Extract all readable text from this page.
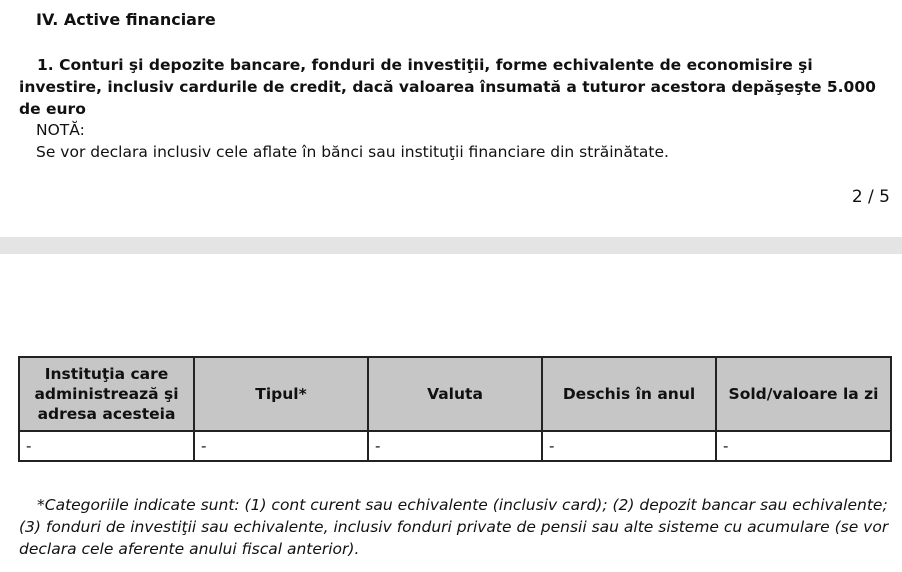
IV. Active financiare
1. Conturi şi depozite bancare, fonduri de investiţii, forme echivalente de economisire şi investire, inclusiv cardurile de credit, dacă valoarea însumată a tuturor acestora depăşeşte 5.000 de euro
NOTĂ:
Se vor declara inclusiv cele aflate în bănci sau instituţii financiare din străinătate.
2 / 5
Instituţia care administrează şi adresa acesteia	Tipul*	Valuta	Deschis în anul	Sold/valoare la zi
-	-	-	-	-
*Categoriile indicate sunt: (1) cont curent sau echivalente (inclusiv card); (2) depozit bancar sau echivalente; (3) fonduri de investiţii sau echivalente, inclusiv fonduri private de pensii sau alte sisteme cu acumulare (se vor declara cele aferente anului fiscal anterior).
